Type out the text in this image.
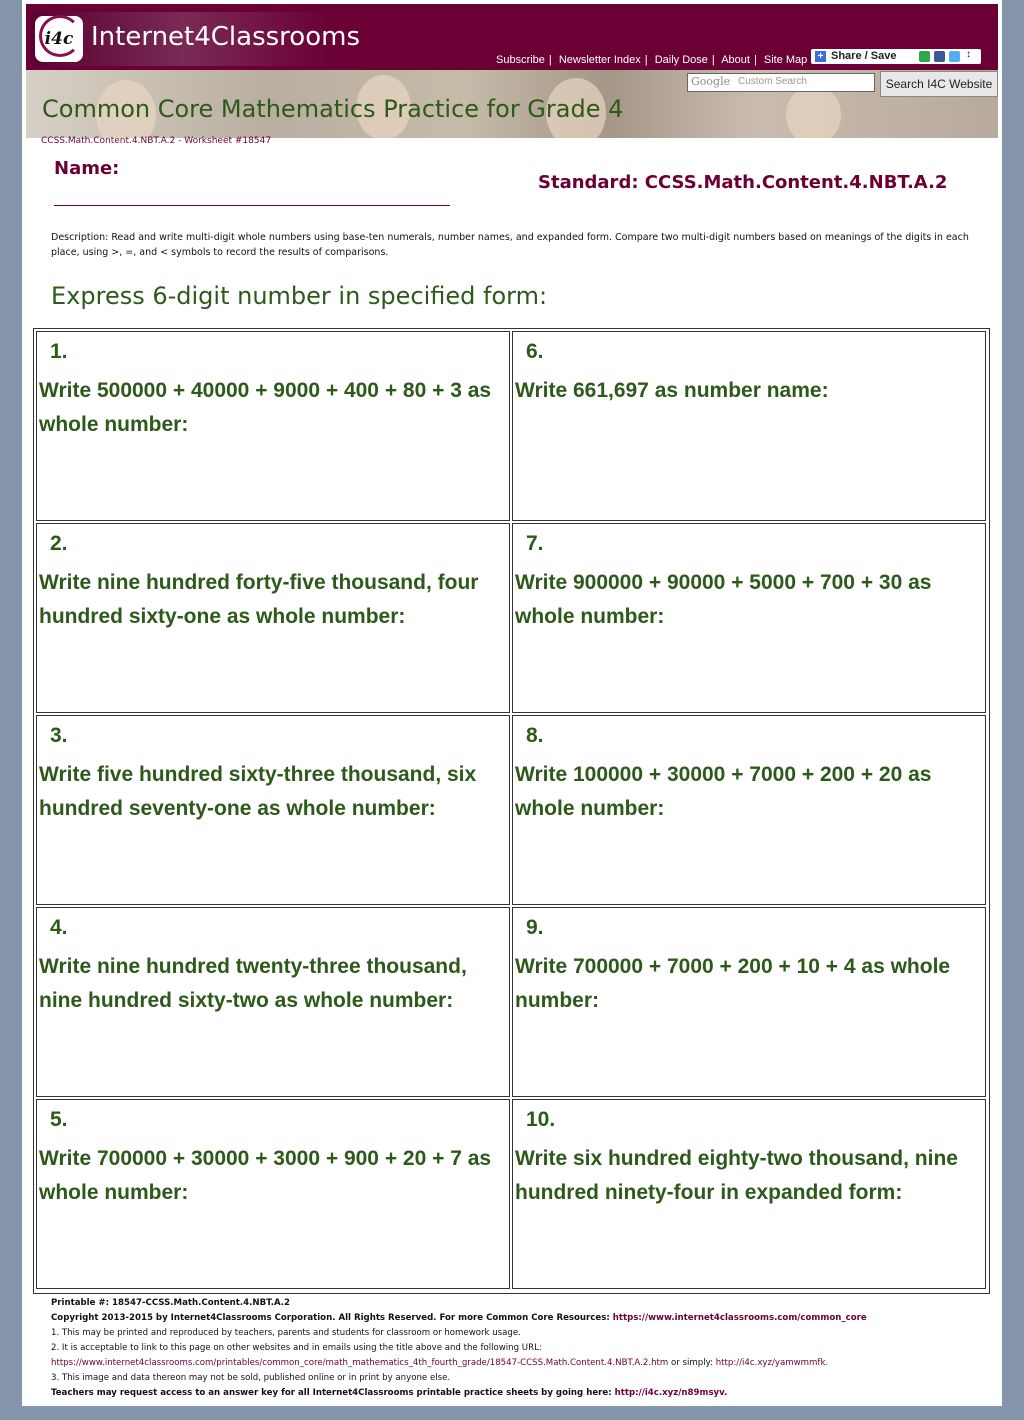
i4c Internet4Classrooms
Subscribe | Newsletter Index | Daily Dose | About | Site Map + Share / Save	↕
Google Custom Search	Search I4C Website
Common Core Mathematics Practice for Grade 4
CCSS.Math.Content.4.NBT.A.2 - Worksheet #18547
Name:
Standard: CCSS.Math.Content.4.NBT.A.2
Description: Read and write multi-digit whole numbers using base-ten numerals, number names, and expanded form. Compare two multi-digit numbers based on meanings of the digits in each place, using >, =, and < symbols to record the results of comparisons.
Express 6-digit number in specified form:
1.
Write 500000 + 40000 + 9000 + 400 + 80 + 3 as whole number:
6.
Write 661,697 as number name:
2.
Write nine hundred forty-five thousand, four hundred sixty-one as whole number:
7.
Write 900000 + 90000 + 5000 + 700 + 30 as whole number:
3.
Write five hundred sixty-three thousand, six hundred seventy-one as whole number:
8.
Write 100000 + 30000 + 7000 + 200 + 20 as whole number:
4.
Write nine hundred twenty-three thousand, nine hundred sixty-two as whole number:
9.
Write 700000 + 7000 + 200 + 10 + 4 as whole number:
5.
Write 700000 + 30000 + 3000 + 900 + 20 + 7 as whole number:
10.
Write six hundred eighty-two thousand, nine hundred ninety-four in expanded form:
Printable #: 18547-CCSS.Math.Content.4.NBT.A.2
Copyright 2013-2015 by Internet4Classrooms Corporation. All Rights Reserved. For more Common Core Resources: https://www.internet4classrooms.com/common_core
1. This may be printed and reproduced by teachers, parents and students for classroom or homework usage.
2. It is acceptable to link to this page on other websites and in emails using the title above and the following URL:
https://www.internet4classrooms.com/printables/common_core/math_mathematics_4th_fourth_grade/18547-CCSS.Math.Content.4.NBT.A.2.htm or simply: http://i4c.xyz/yamwmmfk.
3. This image and data thereon may not be sold, published online or in print by anyone else.
Teachers may request access to an answer key for all Internet4Classrooms printable practice sheets by going here: http://i4c.xyz/n89msyv.
